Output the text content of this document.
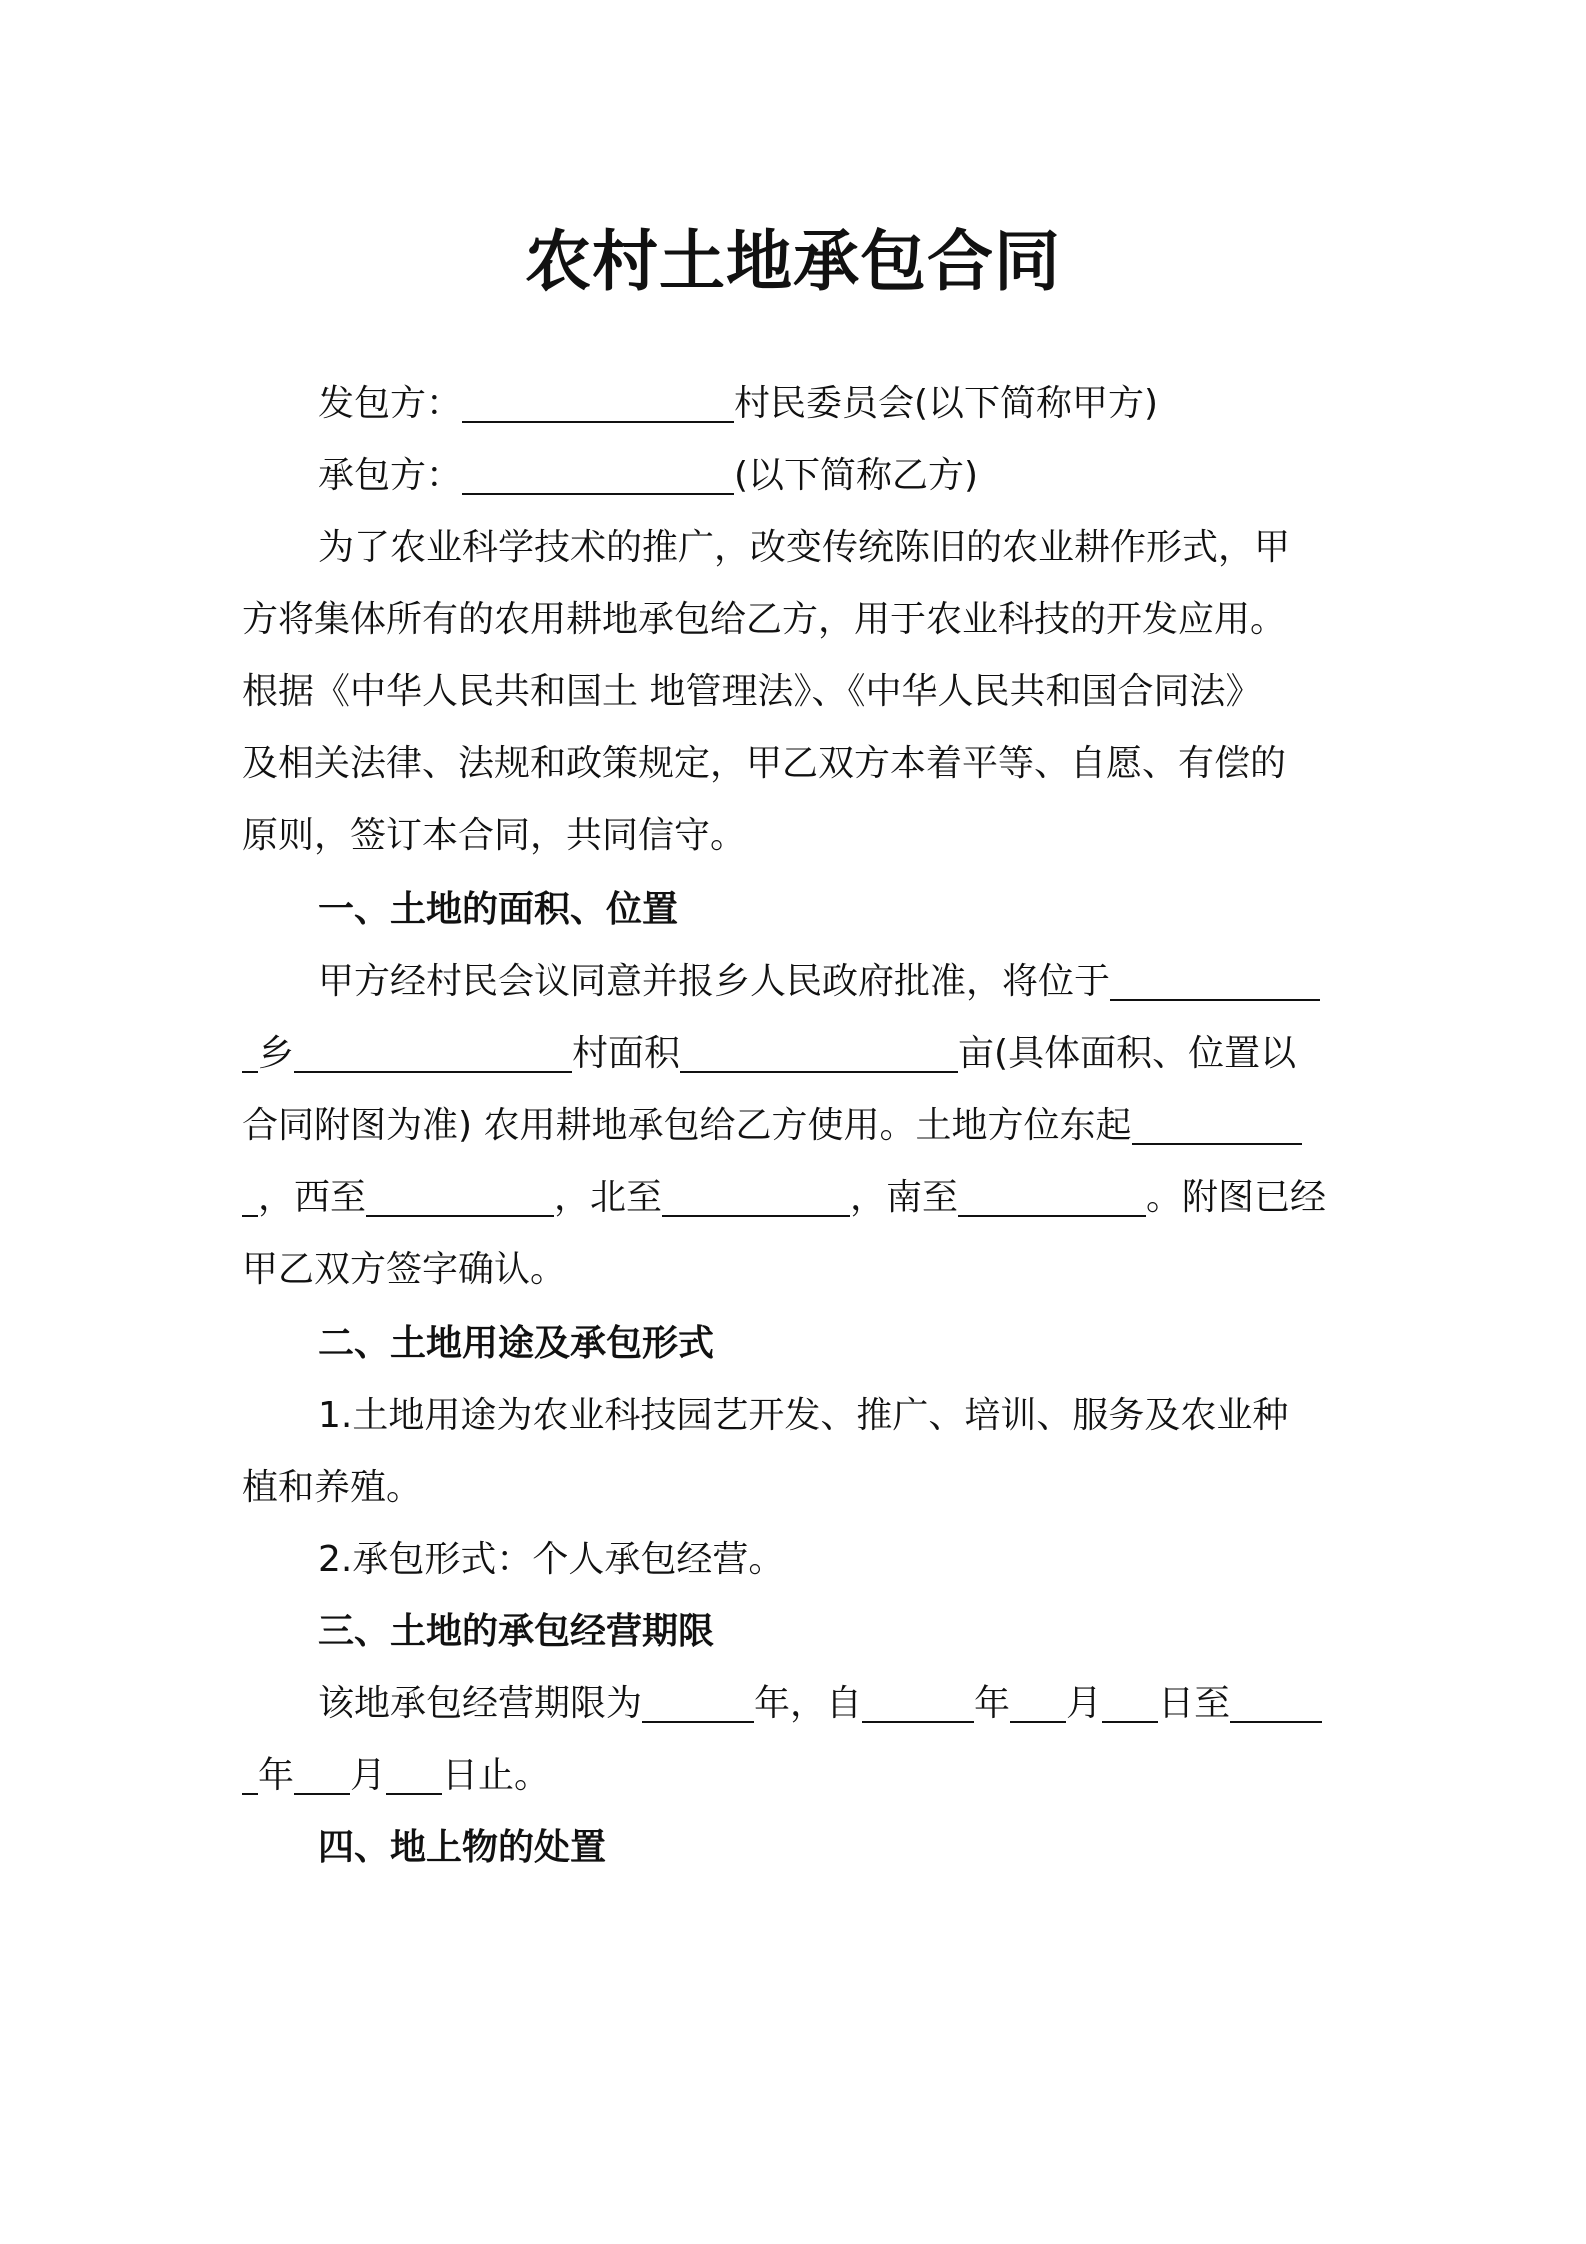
农村土地承包合同
发包方：	村民委员会(以下简称甲方)
承包方：	(以下简称乙方)
为了农业科学技术的推广，改变传统陈旧的农业耕作形式，甲
方将集体所有的农用耕地承包给乙方，用于农业科技的开发应用。
根据《中华人民共和国土 地管理法》、《中华人民共和国合同法》
及相关法律、法规和政策规定，甲乙双方本着平等、自愿、有偿的
原则，签订本合同，共同信守。
一、土地的面积、位置
甲方经村民会议同意并报乡人民政府批准，将位于
乡	村面积	亩(具体面积、位置以
合同附图为准) 农用耕地承包给乙方使用。土地方位东起
，西至	，北至	，南至	。附图已经
甲乙双方签字确认。
二、土地用途及承包形式
1.土地用途为农业科技园艺开发、推广、培训、服务及农业种
植和养殖。
2.承包形式：个人承包经营。
三、土地的承包经营期限
该地承包经营期限为	年，自	年 月 日至
年 月 日止。
四、地上物的处置
